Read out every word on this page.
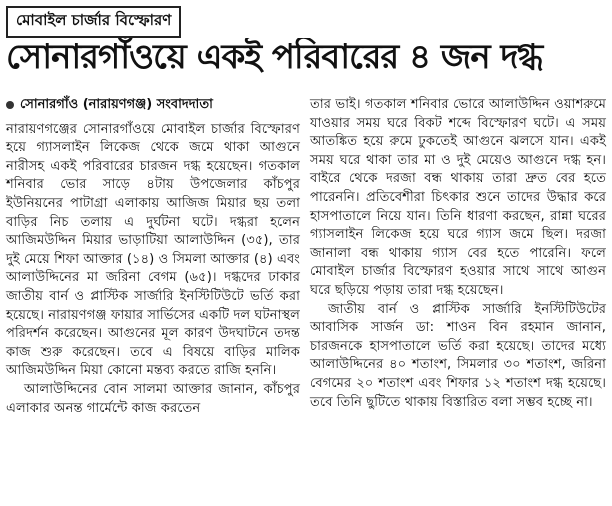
মোবাইল চার্জার বিস্ফোরণ
সোনারগাঁওয়ে একই পরিবারের ৪ জন দগ্ধ
সোনারগাঁও (নারায়ণগঞ্জ) সংবাদদাতা

নারায়ণগঞ্জের সোনারগাঁওয়ে মোবাইল চার্জার বিস্ফোরণ হয়ে গ্যাসলাইন লিকেজ থেকে জমে থাকা আগুনে নারীসহ একই পরিবারের চারজন দগ্ধ হয়েছেন। গতকাল শনিবার ভোর সাড়ে ৪টায় উপজেলার কাঁচপুর ইউনিয়নের পাটাগ্রা এলাকায় আজিজ মিয়ার ছয় তলা বাড়ির নিচ তলায় এ দুর্ঘটনা ঘটে। দগ্ধরা হলেন আজিমউদ্দিন মিয়ার ভাড়াটিয়া আলাউদ্দিন (৩৫), তার দুই মেয়ে শিফা আক্তার (১৪) ও সিমলা আক্তার (৪) এবং আলাউদ্দিনের মা জরিনা বেগম (৬৫)। দগ্ধদের ঢাকার জাতীয় বার্ন ও প্লাস্টিক সার্জারি ইনস্টিটিউটে ভর্তি করা হয়েছে। নারায়ণগঞ্জ ফায়ার সার্ভিসের একটি দল ঘটনাস্থল পরিদর্শন করেছেন। আগুনের মূল কারণ উদঘাটনে তদন্ত কাজ শুরু করেছেন। তবে এ বিষয়ে বাড়ির মালিক আজিমউদ্দিন মিয়া কোনো মন্তব্য করতে রাজি হননি।

আলাউদ্দিনের বোন সালমা আক্তার জানান, কাঁচপুর এলাকার অনন্ত গার্মেন্টে কাজ করতেন

তার ভাই। গতকাল শনিবার ভোরে আলাউদ্দিন ওয়াশরুমে যাওয়ার সময় ঘরে বিকট শব্দে বিস্ফোরণ ঘটে। এ সময় আতঙ্কিত হয়ে রুমে ঢুকতেই আগুনে ঝলসে যান। একই সময় ঘরে থাকা তার মা ও দুই মেয়েও আগুনে দগ্ধ হন। বাইরে থেকে দরজা বন্ধ থাকায় তারা দ্রুত বের হতে পারেননি। প্রতিবেশীরা চিৎকার শুনে তাদের উদ্ধার করে হাসপাতালে নিয়ে যান। তিনি ধারণা করছেন, রান্না ঘরের গ্যাসলাইন লিকেজ হয়ে ঘরে গ্যাস জমে ছিল। দরজা জানালা বন্ধ থাকায় গ্যাস বের হতে পারেনি। ফলে মোবাইল চার্জার বিস্ফোরণ হওয়ার সাথে সাথে আগুন ঘরে ছড়িয়ে পড়ায় তারা দগ্ধ হয়েছেন।

জাতীয় বার্ন ও প্লাস্টিক সার্জারি ইনস্টিটিউটের আবাসিক সার্জন ডা: শাওন বিন রহমান জানান, চারজনকে হাসপাতালে ভর্তি করা হয়েছে। তাদের মধ্যে আলাউদ্দিনের ৪০ শতাংশ, সিমলার ৩০ শতাংশ, জরিনা বেগমের ২০ শতাংশ এবং শিফার ১২ শতাংশ দগ্ধ হয়েছে। তবে তিনি ছুটিতে থাকায় বিস্তারিত বলা সম্ভব হচ্ছে না।
